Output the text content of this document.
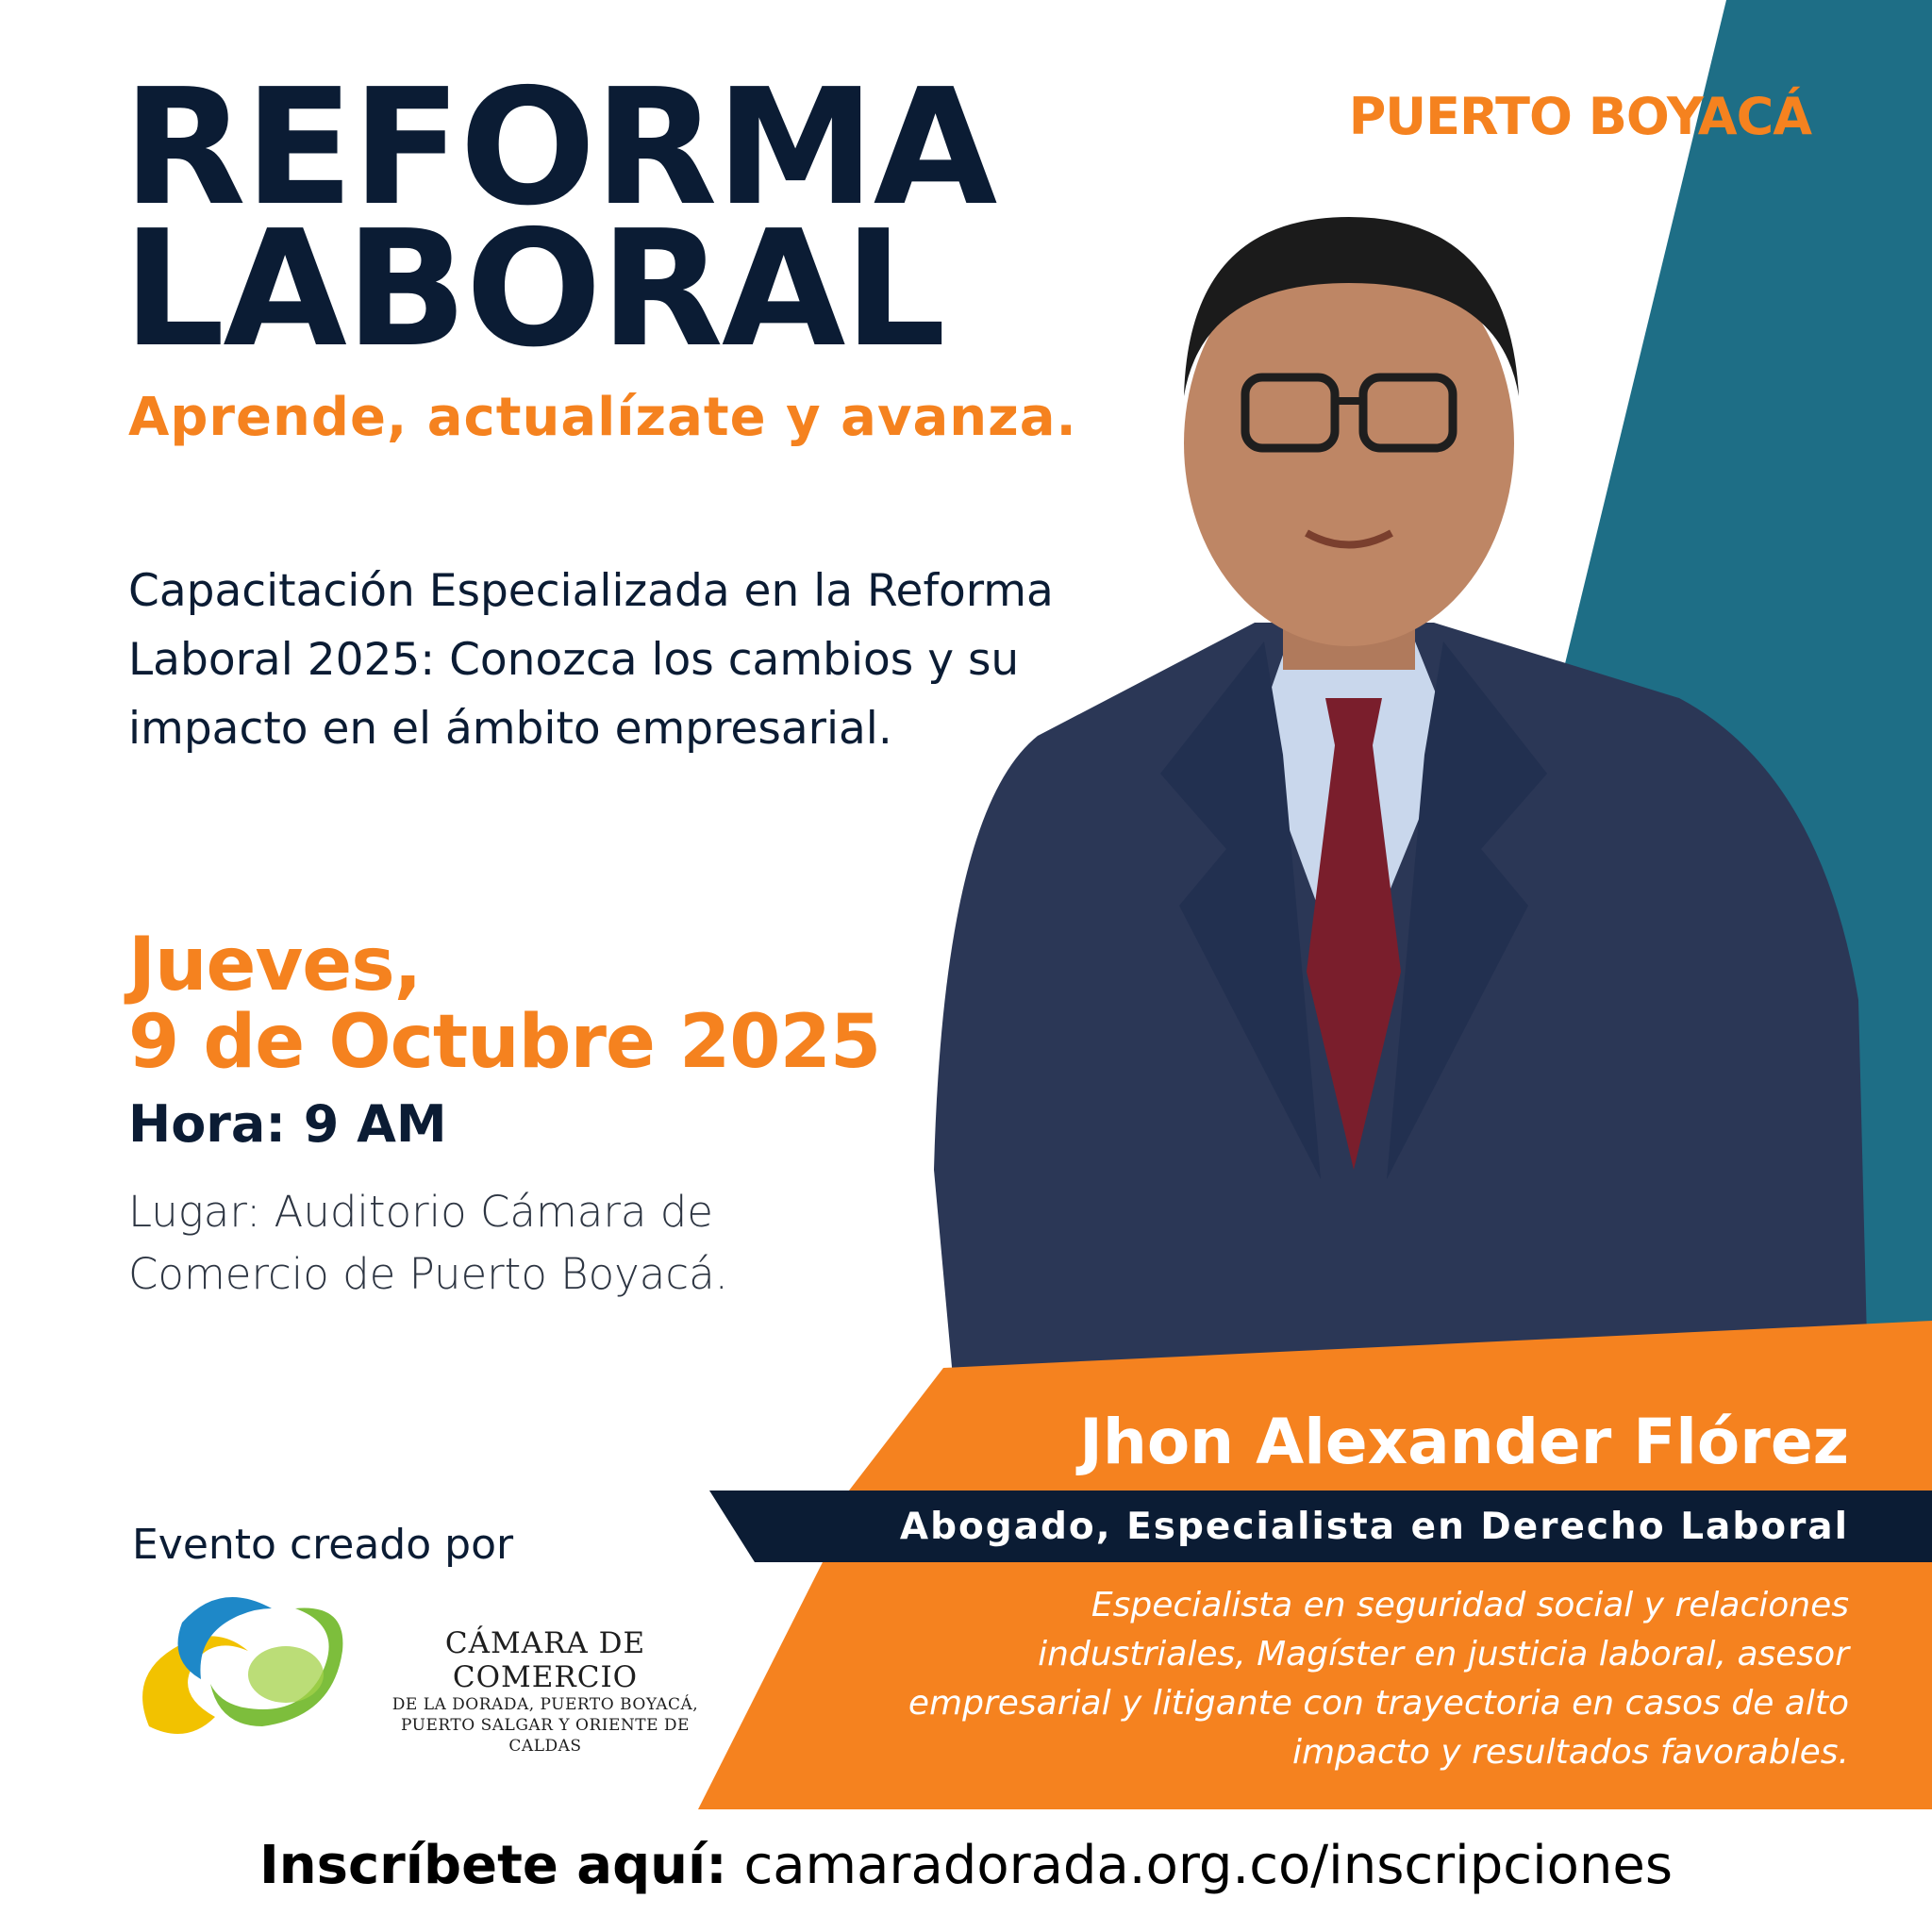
PUERTO BOYACÁ
REFORMA
LABORAL
Aprende, actualízate y avanza.
Capacitación Especializada en la Reforma Laboral 2025: Conozca los cambios y su impacto en el ámbito empresarial.
Jueves,
9 de Octubre 2025
Hora: 9 AM
Lugar: Auditorio Cámara de Comercio de Puerto Boyacá.
Jhon Alexander Flórez
Abogado, Especialista en Derecho Laboral
Especialista en seguridad social y relaciones industriales, Magíster en justicia laboral, asesor empresarial y litigante con trayectoria en casos de alto impacto y resultados favorables.
Evento creado por
CÁMARA DE COMERCIO
DE LA DORADA, PUERTO BOYACÁ,
PUERTO SALGAR Y ORIENTE DE CALDAS
Inscríbete aquí: camaradorada.org.co/inscripciones
